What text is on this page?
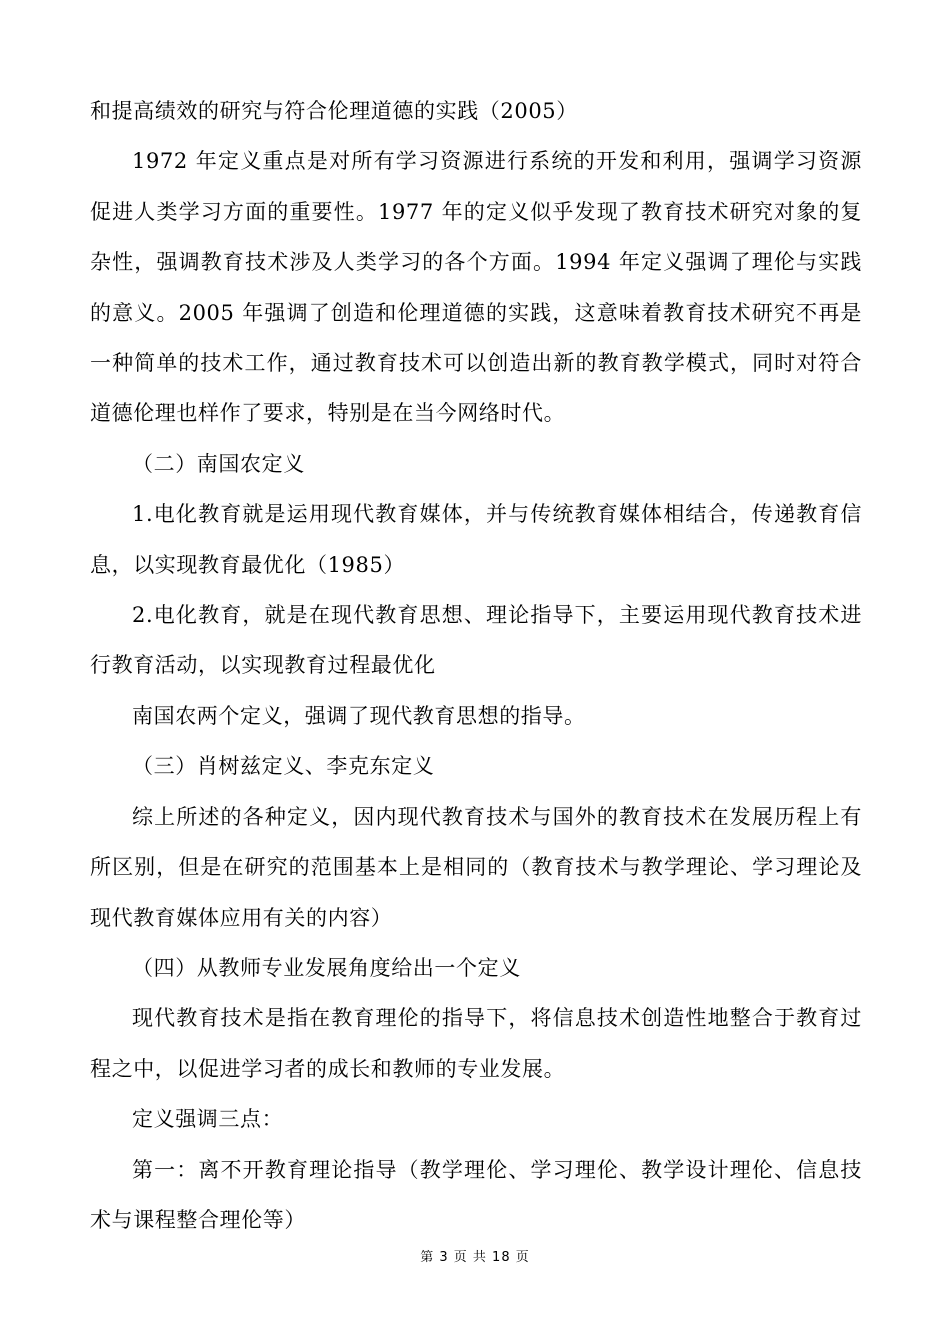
和提高绩效的研究与符合伦理道德的实践（2005）

1972 年定义重点是对所有学习资源进行系统的开发和利用，强调学习资源促进人类学习方面的重要性。1977 年的定义似乎发现了教育技术研究对象的复杂性，强调教育技术涉及人类学习的各个方面。1994 年定义强调了理伦与实践的意义。2005 年强调了创造和伦理道德的实践，这意味着教育技术研究不再是一种简单的技术工作，通过教育技术可以创造出新的教育教学模式，同时对符合道德伦理也样作了要求，特别是在当今网络时代。

（二）南国农定义

1.电化教育就是运用现代教育媒体，并与传统教育媒体相结合，传递教育信息，以实现教育最优化（1985）

2.电化教育，就是在现代教育思想、理论指导下，主要运用现代教育技术进行教育活动，以实现教育过程最优化

南国农两个定义，强调了现代教育思想的指导。

（三）肖树兹定义、李克东定义

综上所述的各种定义，因内现代教育技术与国外的教育技术在发展历程上有所区别，但是在研究的范围基本上是相同的（教育技术与教学理论、学习理论及现代教育媒体应用有关的内容）

（四）从教师专业发展角度给出一个定义

现代教育技术是指在教育理伦的指导下，将信息技术创造性地整合于教育过程之中，以促进学习者的成长和教师的专业发展。

定义强调三点：

第一：离不开教育理论指导（教学理伦、学习理伦、教学设计理伦、信息技术与课程整合理伦等）

第 3 页 共 18 页
